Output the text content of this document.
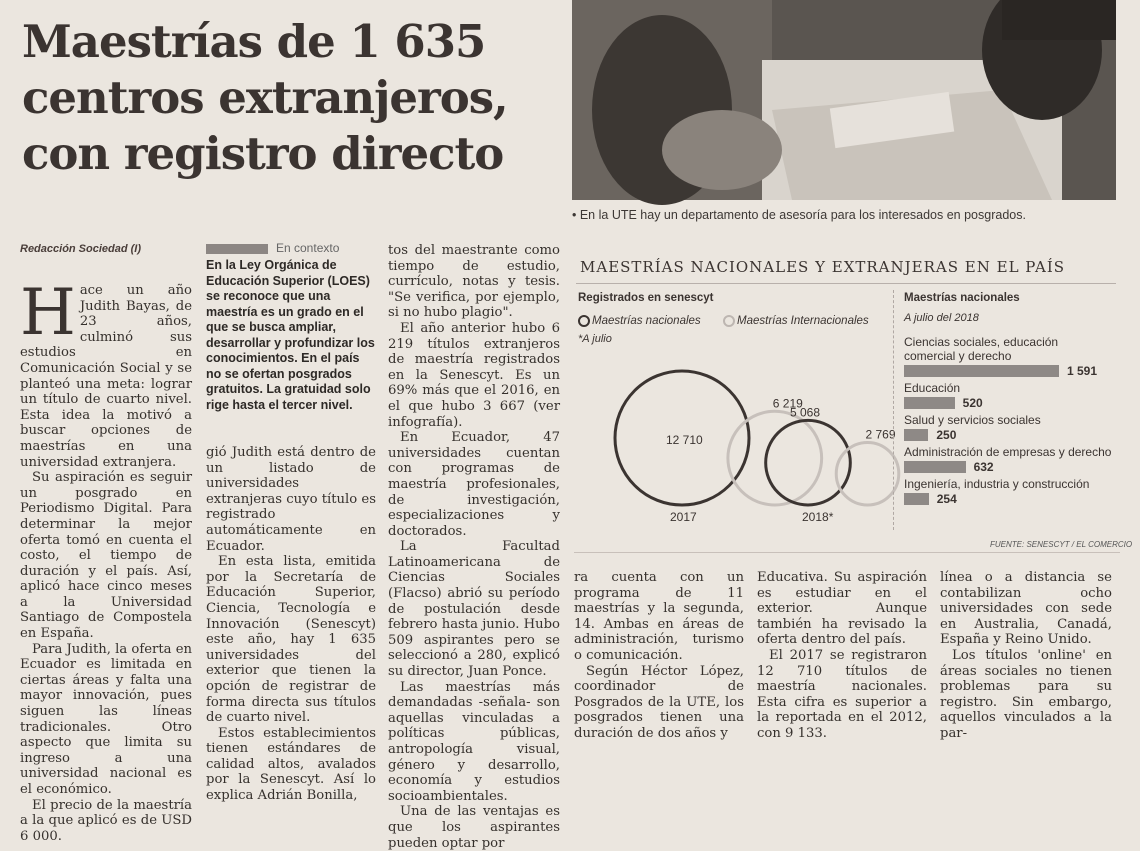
Maestrías de 1 635
centros extranjeros,
con registro directo
• En la UTE hay un departamento de asesoría para los interesados en posgrados.
Redacción Sociedad (I)
H ace un año Judith Bayas, de 23 años, culminó sus estudios en Comunicación Social y se planteó una meta: lograr un título de cuarto nivel. Esta idea la motivó a buscar opciones de maestrías en una universidad extranjera.

Su aspiración es seguir un posgrado en Periodismo Digital. Para determinar la mejor oferta tomó en cuenta el costo, el tiempo de duración y el país. Así, aplicó hace cinco meses a la Universidad Santiago de Compostela en España.

Para Judith, la oferta en Ecuador es limitada en ciertas áreas y falta una mayor innovación, pues siguen las líneas tradicionales. Otro aspecto que limita su ingreso a una universidad nacional es el económico.

El precio de la maestría a la que aplicó es de USD 6 000.

En contexto
En la Ley Orgánica de Educación Superior (LOES) se reconoce que una maestría es un grado en el que se busca ampliar, desarrollar y profundizar los conocimientos. En el país no se ofertan posgrados gratuitos. La gratuidad solo rige hasta el tercer nivel.

gió Judith está dentro de un listado de universidades extranjeras cuyo título es registrado automáticamente en Ecuador.

En esta lista, emitida por la Secretaría de Educación Superior, Ciencia, Tecnología e Innovación (Senescyt) este año, hay 1 635 universidades del exterior que tienen la opción de registrar de forma directa sus títulos de cuarto nivel.

Estos establecimientos tienen estándares de calidad altos, avalados por la Senescyt. Así lo explica Adrián Bonilla,

tos del maestrante como tiempo de estudio, currículo, notas y tesis. "Se verifica, por ejemplo, si no hubo plagio".

El año anterior hubo 6 219 títulos extranjeros de maestría registrados en la Senescyt. Es un 69% más que el 2016, en el que hubo 3 667 (ver infografía).

En Ecuador, 47 universidades cuentan con programas de maestría profesionales, de investigación, especializaciones y doctorados.

La Facultad Latinoamericana de Ciencias Sociales (Flacso) abrió su período de postulación desde febrero hasta junio. Hubo 509 aspirantes pero se seleccionó a 280, explicó su director, Juan Ponce.

Las maestrías más demandadas -señala- son aquellas vinculadas a políticas públicas, antropología visual, género y desarrollo, economía y estudios socioambientales.

Una de las ventajas es que los aspirantes pueden optar por

MAESTRÍAS NACIONALES Y EXTRANJERAS EN EL PAÍS
Registrados en senescyt
Maestrías nacionales	Maestrías Internacionales
*A julio
12 710
6 219
2017
5 068
2 769
2018*
Maestrías nacionales
A julio del 2018
Ciencias sociales, educación comercial y derecho
1 591
Educación
520
Salud y servicios sociales
250
Administración de empresas y derecho
632
Ingeniería, industria y construcción
254
FUENTE: SENESCYT / EL COMERCIO

ra cuenta con un programa de 11 maestrías y la segunda, 14. Ambas en áreas de administración, turismo o comunicación.

Según Héctor López, coordinador de Posgrados de la UTE, los posgrados tienen una duración de dos años y

Educativa. Su aspiración es estudiar en el exterior. Aunque también ha revisado la oferta dentro del país.

El 2017 se registraron 12 710 títulos de maestría nacionales. Esta cifra es superior a la reportada en el 2012, con 9 133.

línea o a distancia se contabilizan ocho universidades con sede en Australia, Canadá, España y Reino Unido.

Los títulos 'online' en áreas sociales no tienen problemas para su registro. Sin embargo, aquellos vinculados a la par-
